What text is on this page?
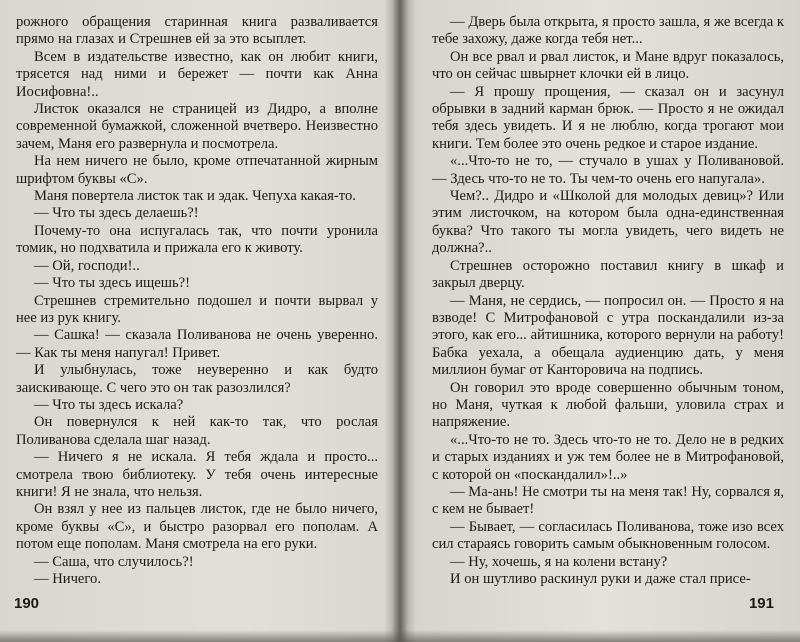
рожного обращения старинная книга разваливается прямо на глазах и Стрешнев ей за это всыплет.

Всем в издательстве известно, как он любит книги, трясется над ними и бережет — почти как Анна Иосифовна!..

Листок оказался не страницей из Дидро, а вполне современной бумажкой, сложенной вчетверо. Неизвестно зачем, Маня его развернула и посмотрела.

На нем ничего не было, кроме отпечатанной жирным шрифтом буквы «С».

Маня повертела листок так и эдак. Чепуха какая-то.

— Что ты здесь делаешь?!

Почему-то она испугалась так, что почти уронила томик, но подхватила и прижала его к животу.

— Ой, господи!..

— Что ты здесь ищешь?!

Стрешнев стремительно подошел и почти вырвал у нее из рук книгу.

— Сашка! — сказала Поливанова не очень уверенно. — Как ты меня напугал! Привет.

И улыбнулась, тоже неуверенно и как будто заискивающе. С чего это он так разозлился?

— Что ты здесь искала?

Он повернулся к ней как-то так, что рослая Поливанова сделала шаг назад.

— Ничего я не искала. Я тебя ждала и просто... смотрела твою библиотеку. У тебя очень интересные книги! Я не знала, что нельзя.

Он взял у нее из пальцев листок, где не было ничего, кроме буквы «С», и быстро разорвал его пополам. А потом еще пополам. Маня смотрела на его руки.

— Саша, что случилось?!

— Ничего.

190

— Дверь была открыта, я просто зашла, я же всегда к тебе захожу, даже когда тебя нет...

Он все рвал и рвал листок, и Мане вдруг показалось, что он сейчас швырнет клочки ей в лицо.

— Я прошу прощения, — сказал он и засунул обрывки в задний карман брюк. — Просто я не ожидал тебя здесь увидеть. И я не люблю, когда трогают мои книги. Тем более это очень редкое и старое издание.

«...Что-то не то, — стучало в ушах у Поливановой. — Здесь что-то не то. Ты чем-то очень его напугала».

Чем?.. Дидро и «Школой для молодых девиц»? Или этим листочком, на котором была одна-единственная буква? Что такого ты могла увидеть, чего видеть не должна?..

Стрешнев осторожно поставил книгу в шкаф и закрыл дверцу.

— Маня, не сердись, — попросил он. — Просто я на взводе! С Митрофановой с утра поскандалили из-за этого, как его... айтишника, которого вернули на работу! Бабка уехала, а обещала аудиенцию дать, у меня миллион бумаг от Канторовича на подпись.

Он говорил это вроде совершенно обычным тоном, но Маня, чуткая к любой фальши, уловила страх и напряжение.

«...Что-то не то. Здесь что-то не то. Дело не в редких и старых изданиях и уж тем более не в Митрофановой, с которой он «поскандалил»!..»

— Ма-ань! Не смотри ты на меня так! Ну, сорвался я, с кем не бывает!

— Бывает, — согласилась Поливанова, тоже изо всех сил стараясь говорить самым обыкновенным голосом.

— Ну, хочешь, я на колени встану?

И он шутливо раскинул руки и даже стал присе-

191
